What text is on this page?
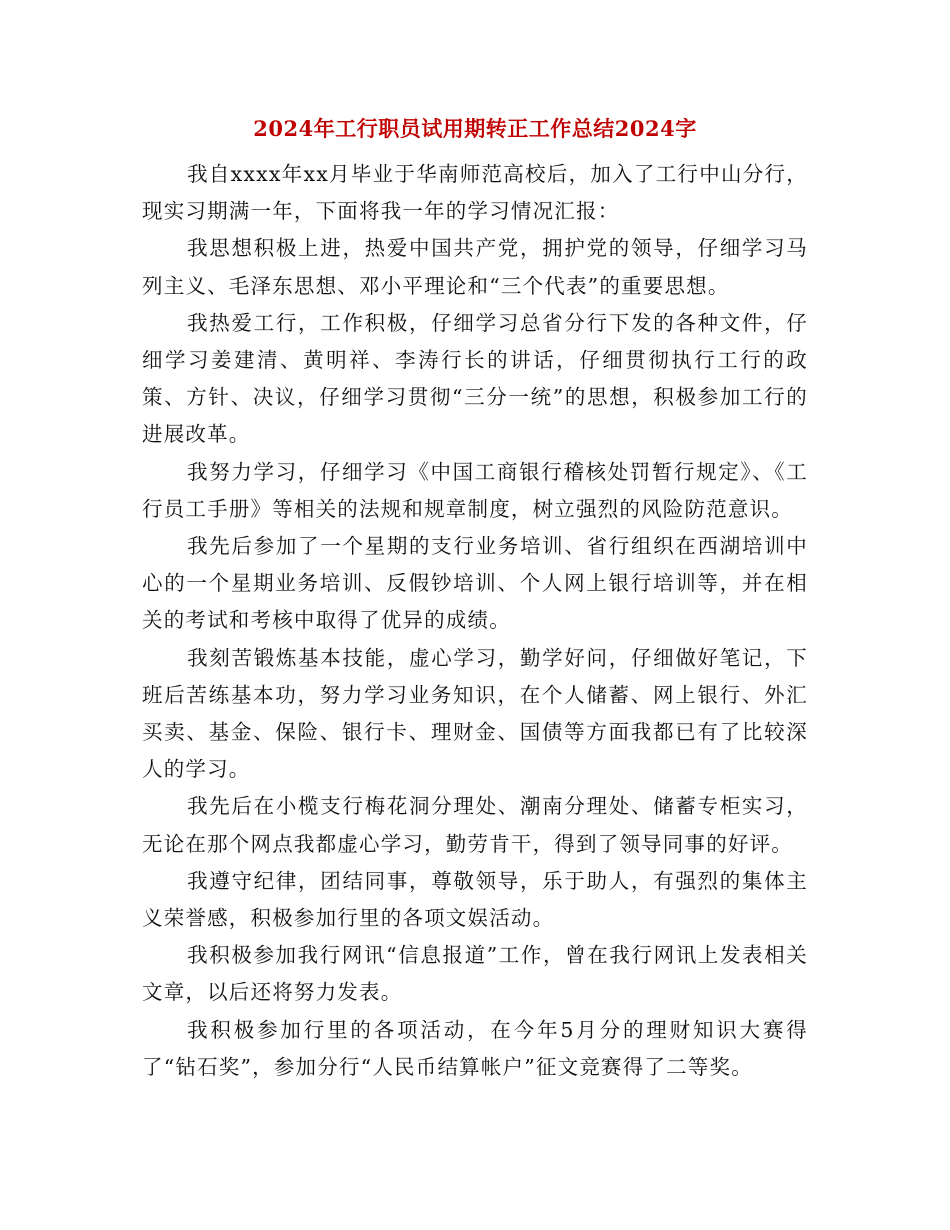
2024年工行职员试用期转正工作总结2024字

我自xxxx年xx月毕业于华南师范高校后，加入了工行中山分行，现实习期满一年，下面将我一年的学习情况汇报：

我思想积极上进，热爱中国共产党，拥护党的领导，仔细学习马列主义、毛泽东思想、邓小平理论和“三个代表”的重要思想。

我热爱工行，工作积极，仔细学习总省分行下发的各种文件，仔细学习姜建清、黄明祥、李涛行长的讲话，仔细贯彻执行工行的政策、方针、决议，仔细学习贯彻“三分一统”的思想，积极参加工行的进展改革。

我努力学习，仔细学习《中国工商银行稽核处罚暂行规定》、《工行员工手册》等相关的法规和规章制度，树立强烈的风险防范意识。

我先后参加了一个星期的支行业务培训、省行组织在西湖培训中心的一个星期业务培训、反假钞培训、个人网上银行培训等，并在相关的考试和考核中取得了优异的成绩。

我刻苦锻炼基本技能，虚心学习，勤学好问，仔细做好笔记，下班后苦练基本功，努力学习业务知识，在个人储蓄、网上银行、外汇买卖、基金、保险、银行卡、理财金、国债等方面我都已有了比较深人的学习。

我先后在小榄支行梅花洞分理处、潮南分理处、储蓄专柜实习，无论在那个网点我都虚心学习，勤劳肯干，得到了领导同事的好评。

我遵守纪律，团结同事，尊敬领导，乐于助人，有强烈的集体主义荣誉感，积极参加行里的各项文娱活动。

我积极参加我行网讯“信息报道”工作，曾在我行网讯上发表相关文章，以后还将努力发表。

我积极参加行里的各项活动，在今年5月分的理财知识大赛得了“钻石奖”，参加分行“人民币结算帐户”征文竞赛得了二等奖。
